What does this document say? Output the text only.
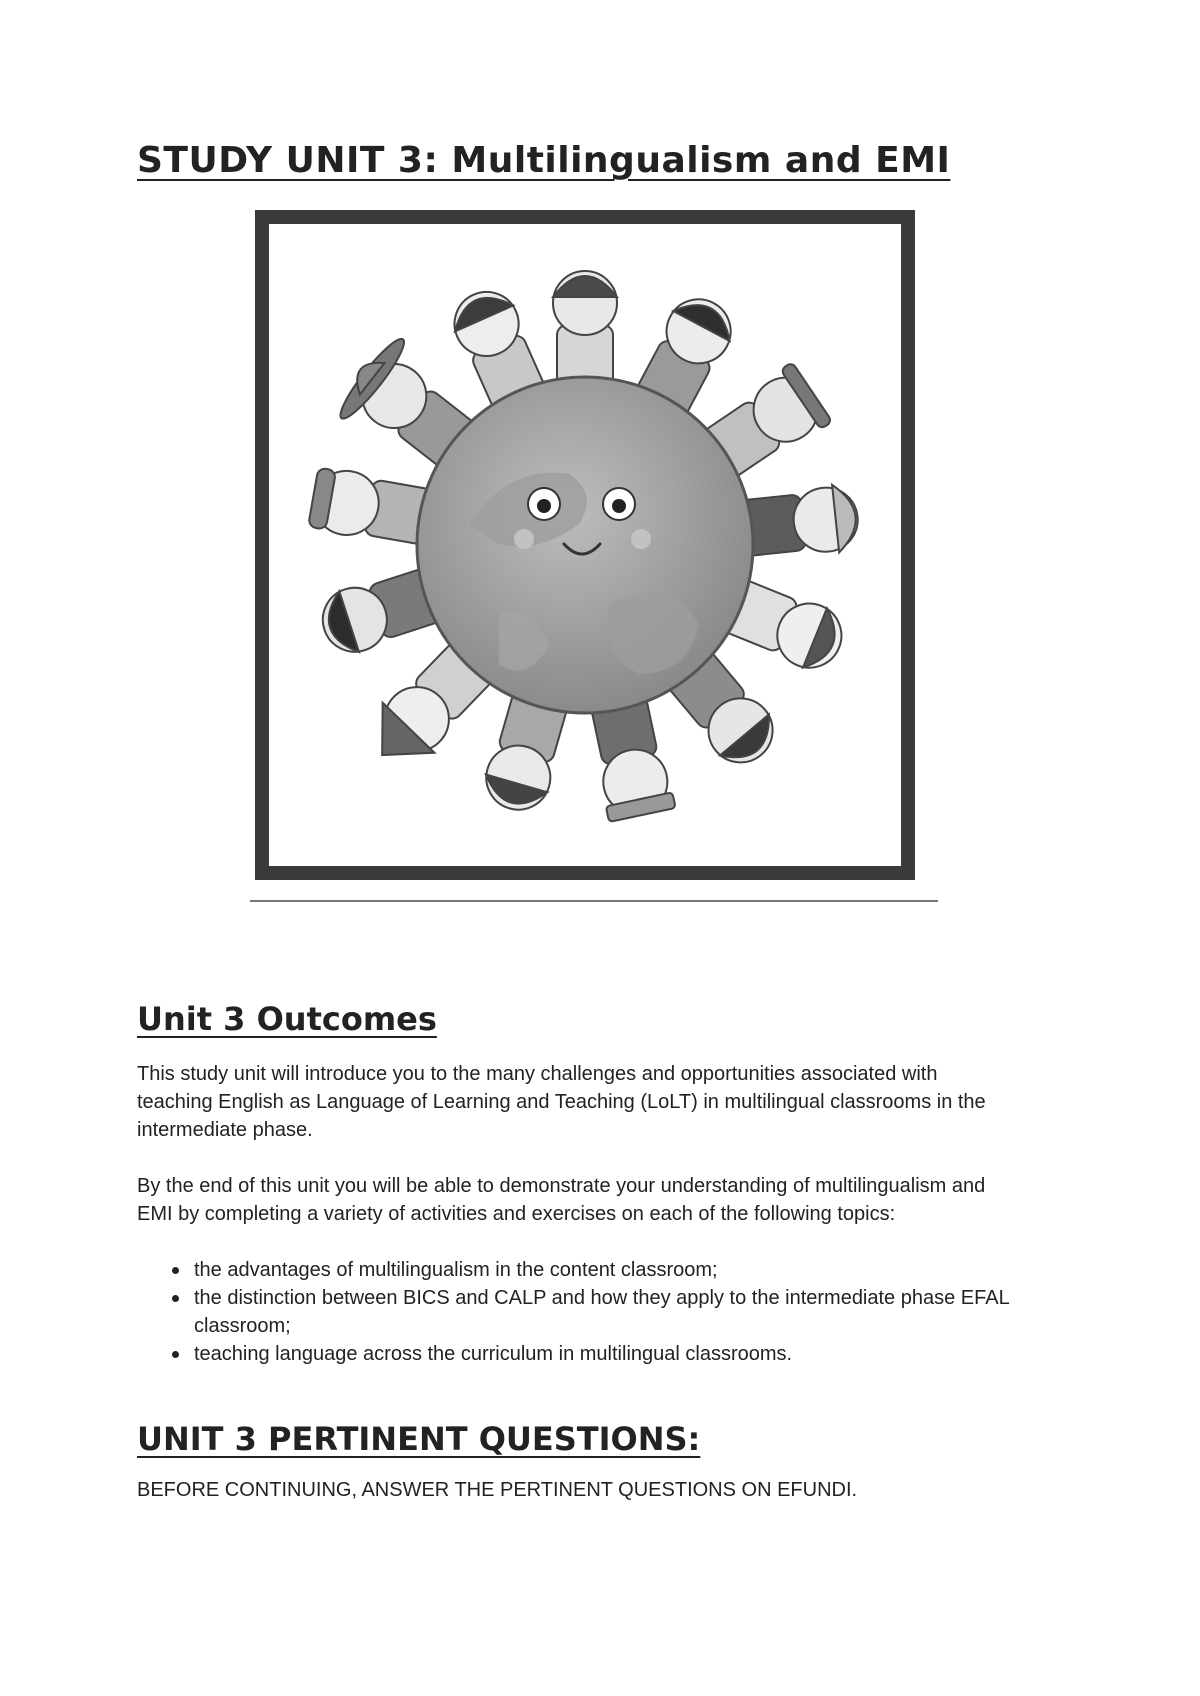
STUDY UNIT 3: Multilingualism and EMI
Unit 3 Outcomes

This study unit will introduce you to the many challenges and opportunities associated with teaching English as Language of Learning and Teaching (LoLT) in multilingual classrooms in the intermediate phase.

By the end of this unit you will be able to demonstrate your understanding of multilingualism and EMI by completing a variety of activities and exercises on each of the following topics:

the advantages of multilingualism in the content classroom;
the distinction between BICS and CALP and how they apply to the intermediate phase EFAL classroom;
teaching language across the curriculum in multilingual classrooms.
UNIT 3 PERTINENT QUESTIONS:

BEFORE CONTINUING, ANSWER THE PERTINENT QUESTIONS ON EFUNDI.
